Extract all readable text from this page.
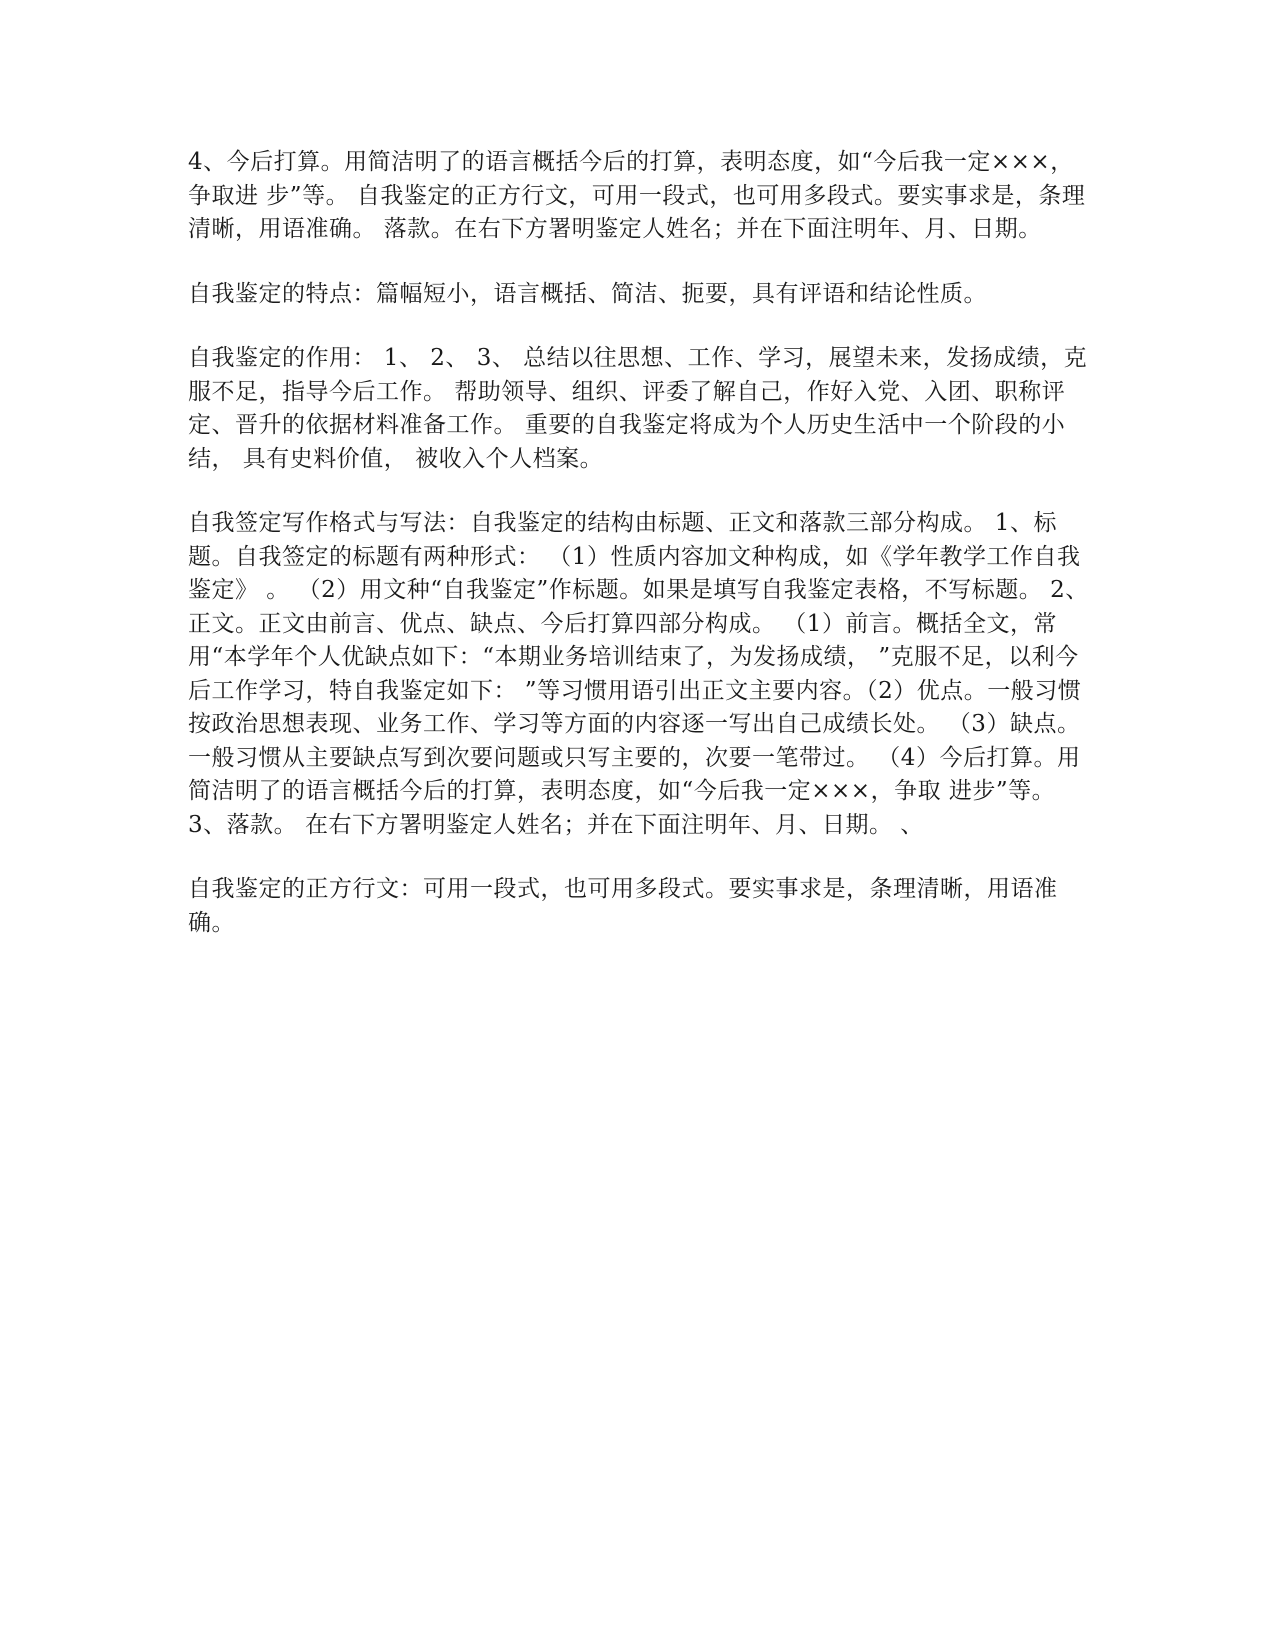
4、今后打算。用简洁明了的语言概括今后的打算，表明态度，如“今后我一定×××，争取进 步”等。 自我鉴定的正方行文，可用一段式，也可用多段式。要实事求是，条理清晰，用语准确。 落款。在右下方署明鉴定人姓名；并在下面注明年、月、日期。

自我鉴定的特点：篇幅短小，语言概括、简洁、扼要，具有评语和结论性质。

自我鉴定的作用： 1、 2、 3、 总结以往思想、工作、学习，展望未来，发扬成绩，克服不足，指导今后工作。 帮助领导、组织、评委了解自己，作好入党、入团、职称评定、晋升的依据材料准备工作。 重要的自我鉴定将成为个人历史生活中一个阶段的小结， 具有史料价值， 被收入个人档案。

自我签定写作格式与写法：自我鉴定的结构由标题、正文和落款三部分构成。 1、标题。自我签定的标题有两种形式： （1）性质内容加文种构成，如《学年教学工作自我鉴定》 。 （2）用文种“自我鉴定”作标题。如果是填写自我鉴定表格，不写标题。 2、正文。正文由前言、优点、缺点、今后打算四部分构成。 （1）前言。概括全文，常用“本学年个人优缺点如下：“本期业务培训结束了，为发扬成绩， ”克服不足，以利今后工作学习，特自我鉴定如下： ”等习惯用语引出正文主要内容。（2）优点。一般习惯按政治思想表现、业务工作、学习等方面的内容逐一写出自己成绩长处。 （3）缺点。一般习惯从主要缺点写到次要问题或只写主要的，次要一笔带过。 （4）今后打算。用简洁明了的语言概括今后的打算，表明态度，如“今后我一定×××，争取 进步”等。 3、落款。 在右下方署明鉴定人姓名；并在下面注明年、月、日期。 、

自我鉴定的正方行文：可用一段式，也可用多段式。要实事求是，条理清晰，用语准确。
